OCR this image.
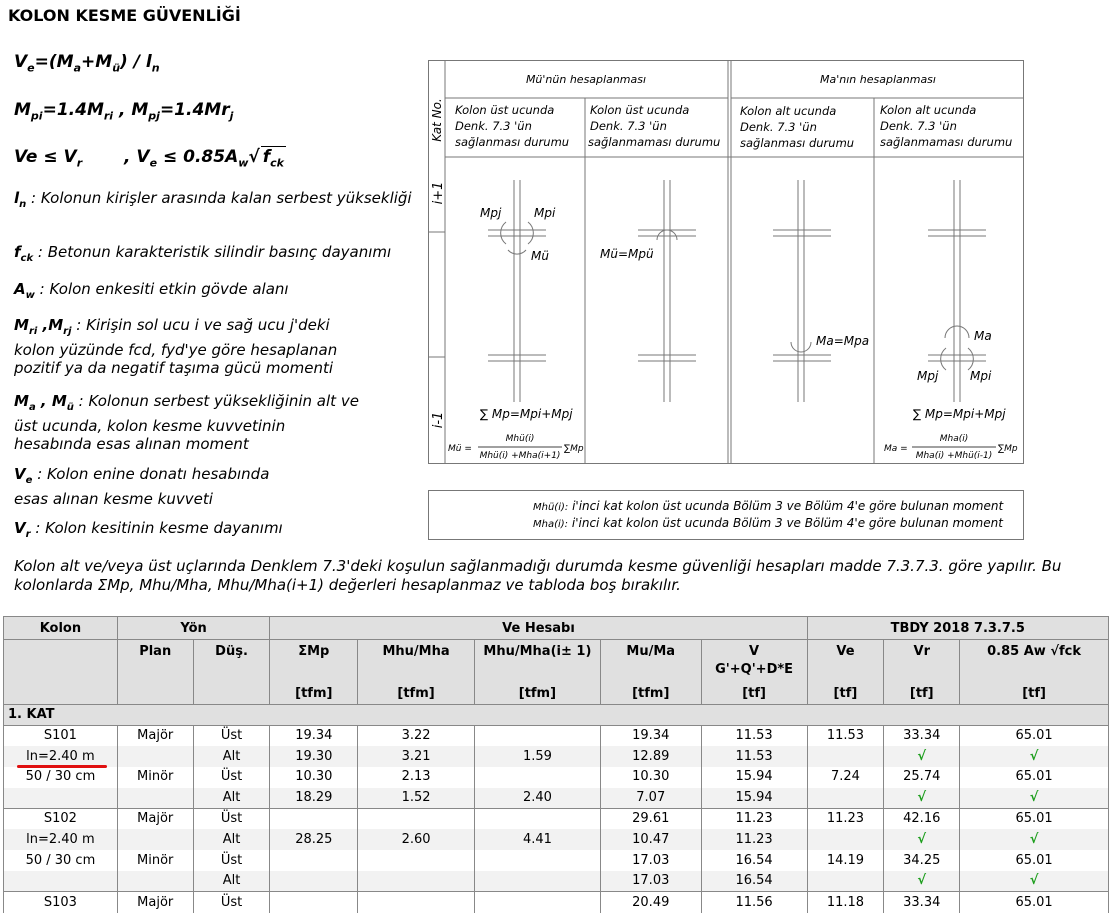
KOLON KESME GÜVENLİĞİ
$V_e=(M_a+M_ü) / l_n$
$M_{pi}=1.4M_{ri}$ , $M_{pj}=1.4Mr_j$
$Ve \le V_r$ , $V_e \le 0.85A_w√$ $f_{ck}$
$l_n$ : Kolonun kirişler arasında kalan serbest yüksekliği
$f_{ck}$ : Betonun karakteristik silindir basınç dayanımı
$A_w$ : Kolon enkesiti etkin gövde alanı
$M_{ri}$ $,M_{rj}$ : Kirişin sol ucu i ve sağ ucu j'deki kolon yüzünde fcd, fyd'ye göre hesaplanan pozitif ya da negatif taşıma gücü momenti
$M_a$ , $M_ü$ : Kolonun serbest yüksekliğinin alt ve üst ucunda, kolon kesme kuvvetinin hesabında esas alınan moment
$V_e$ : Kolon enine donatı hesabında esas alınan kesme kuvveti
$V_r$ : Kolon kesitinin kesme dayanımı
Kat No.
Mü'nün hesaplanması	Ma'nın hesaplanması
Kolon üst ucunda
Denk. 7.3 'ün
sağlanması durumu
Kolon üst ucunda
Denk. 7.3 'ün
sağlanmaması durumu
Kolon alt ucunda
Denk. 7.3 'ün
sağlanması durumu
Kolon alt ucunda
Denk. 7.3 'ün
sağlanmaması durumu
i+1
i-1
Mpj	Mpi
Mü	Mü=Mpü
Ma=Mpa	Ma
Mpj	Mpi
∑ Mp=Mpi+Mpj	∑ Mp=Mpi+Mpj
Mü =
Mhü(i)
Mhü(i) +Mha(i+1)
∑Mp	Ma =
Mha(i)
Mha(i) +Mhü(i-1)
∑Mp
Mhü(i): i'inci kat kolon üst ucunda Bölüm 3 ve Bölüm 4'e göre bulunan moment
Mha(i): i'inci kat kolon üst ucunda Bölüm 3 ve Bölüm 4'e göre bulunan moment
Kolon alt ve/veya üst uçlarında Denklem 7.3'deki koşulun sağlanmadığı durumda kesme güvenliği hesapları madde 7.3.7.3. göre yapılır. Bu kolonlarda ΣMp, Mhu/Mha, Mhu/Mha(i+1) değerleri hesaplanmaz ve tabloda boş bırakılır.
Kolon	Yön		Ve Hesabı					TBDY 2018 7.3.7.5		
	Plan	Düş.	ΣMp	Mhu/Mha	Mhu/Mha(i± 1)	Mu/Ma	V
G'+Q'+D*E	Ve	Vr	0.85 Aw √fck
			[tfm]	[tfm]	[tfm]	[tfm]	[tf]	[tf]	[tf]	[tf]
1. KAT										
S101	Majör	Üst	19.34	3.22		19.34	11.53	11.53	33.34	65.01
ln=2.40 m		Alt	19.30	3.21	1.59	12.89	11.53		√	√
50 / 30 cm	Minör	Üst	10.30	2.13		10.30	15.94	7.24	25.74	65.01
		Alt	18.29	1.52	2.40	7.07	15.94		√	√
S102	Majör	Üst				29.61	11.23	11.23	42.16	65.01
ln=2.40 m		Alt	28.25	2.60	4.41	10.47	11.23		√	√
50 / 30 cm	Minör	Üst				17.03	16.54	14.19	34.25	65.01
		Alt				17.03	16.54		√	√
S103	Majör	Üst				20.49	11.56	11.18	33.34	65.01
